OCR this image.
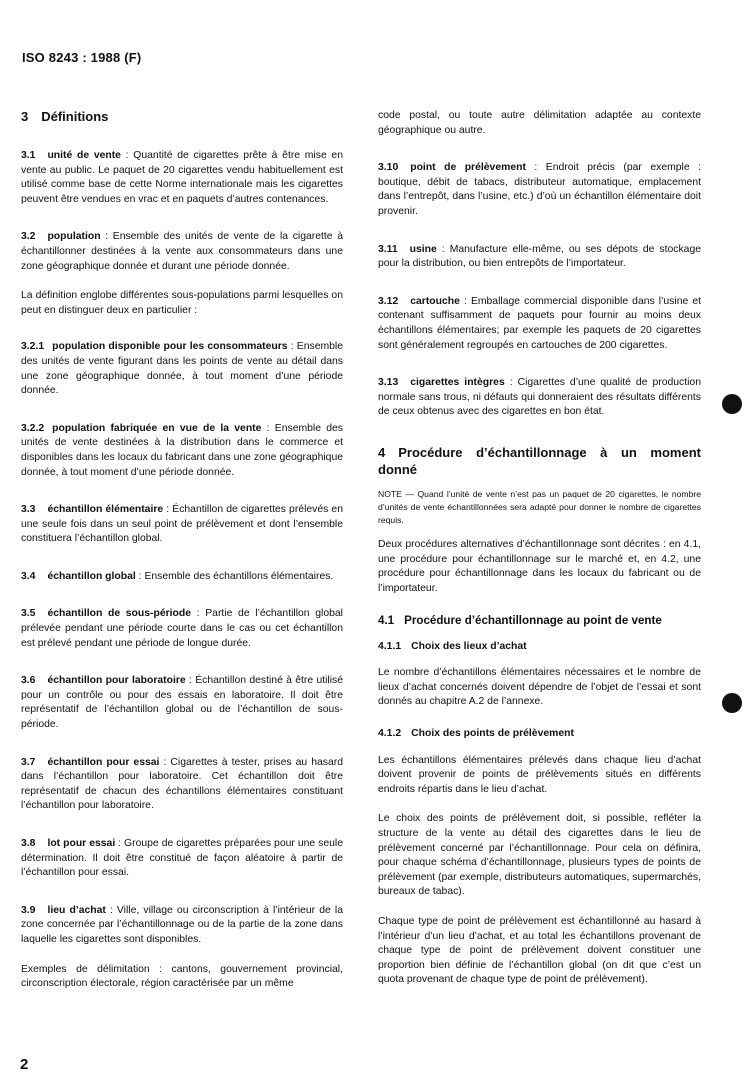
ISO 8243 : 1988 (F)

3 Définitions

3.1 unité de vente : Quantité de cigarettes prête à être mise en vente au public. Le paquet de 20 cigarettes vendu habituellement est utilisé comme base de cette Norme internationale mais les cigarettes peuvent être vendues en vrac et en paquets d’autres contenances.

3.2 population : Ensemble des unités de vente de la cigarette à échantillonner destinées à la vente aux consommateurs dans une zone géographique donnée et durant une période donnée.

La définition englobe différentes sous-populations parmi lesquelles on peut en distinguer deux en particulier :

3.2.1 population disponible pour les consommateurs : Ensemble des unités de vente figurant dans les points de vente au détail dans une zone géographique donnée, à tout moment d’une période donnée.

3.2.2 population fabriquée en vue de la vente : Ensemble des unités de vente destinées à la distribution dans le commerce et disponibles dans les locaux du fabricant dans une zone géographique donnée, à tout moment d’une période donnée.

3.3 échantillon élémentaire : Échantillon de cigarettes prélevés en une seule fois dans un seul point de prélèvement et dont l’ensemble constituera l’échantillon global.

3.4 échantillon global : Ensemble des échantillons élémentaires.

3.5 échantillon de sous-période : Partie de l’échantillon global prélevée pendant une période courte dans le cas ou cet échantillon est prélevé pendant une période de longue durée.

3.6 échantillon pour laboratoire : Échantillon destiné à être utilisé pour un contrôle ou pour des essais en laboratoire. Il doit être représentatif de l’échantillon global ou de l’échantillon de sous-période.

3.7 échantillon pour essai : Cigarettes à tester, prises au hasard dans l’échantillon pour laboratoire. Cet échantillon doit être représentatif de chacun des échantillons élémentaires constituant l’échantillon pour laboratoire.

3.8 lot pour essai : Groupe de cigarettes préparées pour une seule détermination. Il doit être constitué de façon aléatoire à partir de l’échantillon pour essai.

3.9 lieu d’achat : Ville, village ou circonscription à l’intérieur de la zone concernée par l’échantillonnage ou de la partie de la zone dans laquelle les cigarettes sont disponibles.

Exemples de délimitation : cantons, gouvernement provincial, circonscription électorale, région caractérisée par un même

code postal, ou toute autre délimitation adaptée au contexte géographique ou autre.

3.10 point de prélèvement : Endroit précis (par exemple : boutique, débit de tabacs, distributeur automatique, emplacement dans l’entrepôt, dans l’usine, etc.) d’où un échantillon élémentaire doit provenir.

3.11 usine : Manufacture elle-même, ou ses dépots de stockage pour la distribution, ou bien entrepôts de l’importateur.

3.12 cartouche : Emballage commercial disponible dans l’usine et contenant suffisamment de paquets pour fournir au moins deux échantillons élémentaires; par exemple les paquets de 20 cigarettes sont généralement regroupés en cartouches de 200 cigarettes.

3.13 cigarettes intègres : Cigarettes d’une qualité de production normale sans trous, ni défauts qui donneraient des résultats différents de ceux obtenus avec des cigarettes en bon état.

4 Procédure d’échantillonnage à un moment donné

NOTE — Quand l’unité de vente n’est pas un paquet de 20 cigarettes, le nombre d’unités de vente échantillonnées sera adapté pour donner le nombre de cigarettes requis.

Deux procédures alternatives d’échantillonnage sont décrites : en 4.1, une procédure pour échantillonnage sur le marché et, en 4.2, une procédure pour échantillonnage dans les locaux du fabricant ou de l’importateur.

4.1 Procédure d’échantillonnage au point de vente

4.1.1 Choix des lieux d’achat

Le nombre d’échantillons élémentaires nécessaires et le nombre de lieux d’achat concernés doivent dépendre de l’objet de l’essai et sont donnés au chapitre A.2 de l’annexe.

4.1.2 Choix des points de prélèvement

Les échantillons élémentaires prélevés dans chaque lieu d’achat doivent provenir de points de prélèvements situés en différents endroits répartis dans le lieu d’achat.

Le choix des points de prélèvement doit, si possible, refléter la structure de la vente au détail des cigarettes dans le lieu de prélèvement concerné par l’échantillonnage. Pour cela on définira, pour chaque schéma d’échantillonnage, plusieurs types de points de prélèvement (par exemple, distributeurs automatiques, supermarchés, bureaux de tabac).

Chaque type de point de prélèvement est échantillonné au hasard à l’intérieur d’un lieu d’achat, et au total les échantillons provenant de chaque type de point de prélèvement doivent constituer une proportion bien définie de l’échantillon global (on dit que c’est un quota provenant de chaque type de point de prélèvement).

2
